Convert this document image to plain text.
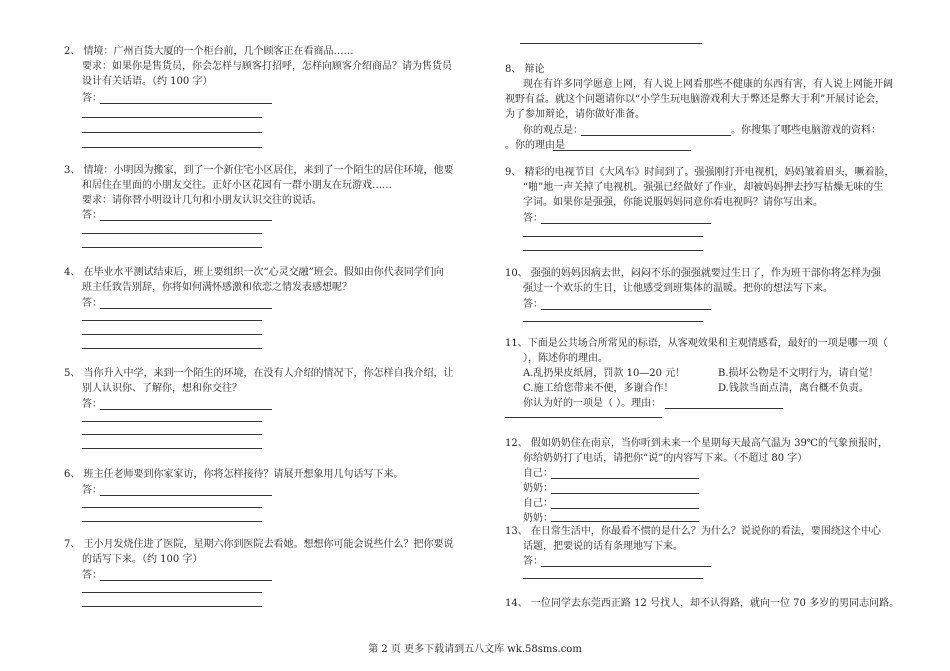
2、 情境：广州百货大厦的一个柜台前，几个顾客正在看商品……
要求：如果你是售货员，你会怎样与顾客打招呼，怎样向顾客介绍商品？请为售货员
设计有关话语。（约 100 字）
答：
3、 情境：小明因为搬家，到了一个新住宅小区居住，来到了一个陌生的居住环境，他要
和居住在里面的小朋友交往。正好小区花园有一群小朋友在玩游戏……
要求：请你替小明设计几句和小朋友认识交往的说话。
答：
4、 在毕业水平测试结束后，班上要组织一次“心灵交融”班会。假如由你代表同学们向
班主任致告别辞，你将如何满怀感激和依恋之情发表感想呢？
答：
5、 当你升入中学，来到一个陌生的环境，在没有人介绍的情况下，你怎样自我介绍，让
别人认识你、了解你，想和你交往？
答：
6、 班主任老师要到你家家访，你将怎样接待？请展开想象用几句话写下来。
答：
7、 王小月发烧住进了医院，星期六你到医院去看她。想想你可能会说些什么？把你要说
的话写下来。（约 100 字）
答：
8、 辩论
现在有许多同学愿意上网，有人说上网看那些不健康的东西有害，有人说上网能开阔
视野有益。就这个问题请你以“小学生玩电脑游戏利大于弊还是弊大于利”开展讨论会，
为了参加辩论，请你做好准备。
你的观点是：	。你搜集了哪些电脑游戏的资料：
。你的理由是
9、 精彩的电视节目《大风车》时间到了。强强刚打开电视机，妈妈皱着眉头，噘着脸，
“啪”地一声关掉了电视机。强强已经做好了作业，却被妈妈押去抄写枯燥无味的生
字词。如果你是强强，你能说服妈妈同意你看电视吗？请你写出来。
答：
10、 强强的妈妈因病去世，闷闷不乐的强强就要过生日了，作为班干部你将怎样为强
强过一个欢乐的生日，让他感受到班集体的温暖。把你的想法写下来。
答：
11、下面是公共场合所常见的标语，从客观效果和主观情感看，最好的一项是哪一项（
），陈述你的理由。
A.乱扔果皮纸屑，罚款 10—20 元！	B.损坏公物是不文明行为，请自觉！
C.施工给您带来不便，多谢合作！	D.钱款当面点清，离台概不负责。
你认为好的一项是（ ）。理由：
12、 假如奶奶住在南京，当你听到未来一个星期每天最高气温为 39℃的气象预报时，
你给奶奶打了电话，请把你“说”的内容写下来。（不超过 80 字）
自己：
奶奶：
自己：
奶奶：
13、 在日常生活中，你最看不惯的是什么？为什么？说说你的看法，要围绕这个中心
话题，把要说的话有条理地写下来。
答：
14、 一位同学去东莞西正路 12 号找人，却不认得路，就向一位 70 多岁的男同志问路。
第 2 页 更多下载请到五八文库 wk.58sms.com
